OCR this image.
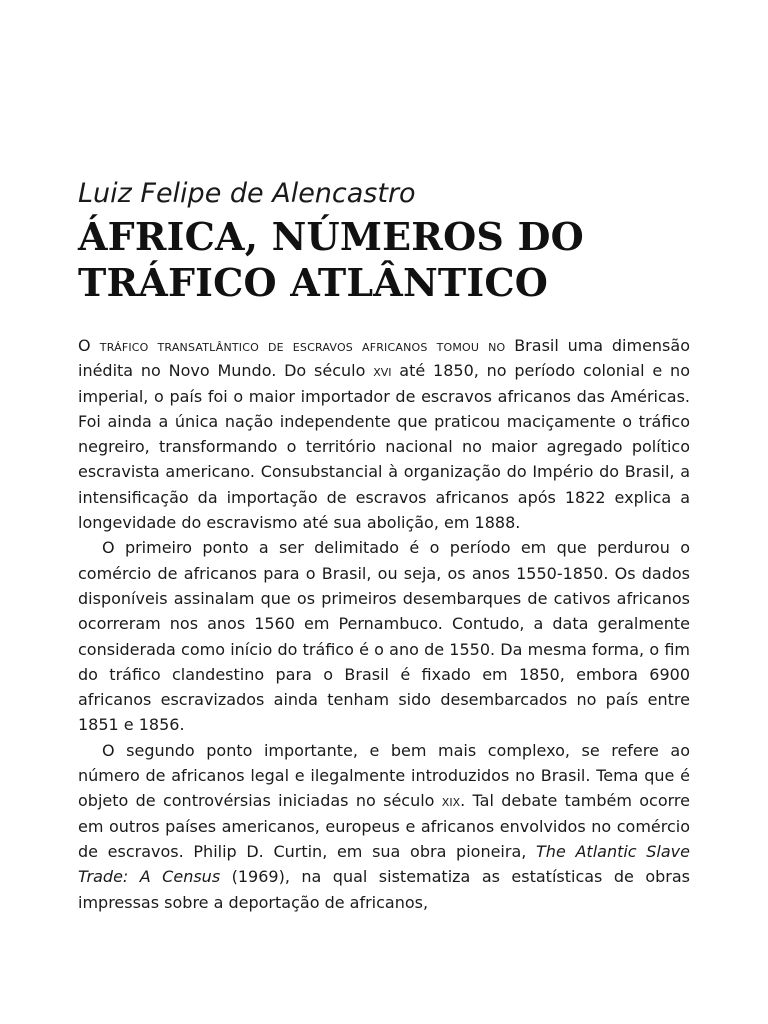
Luiz Felipe de Alencastro
ÁFRICA, NÚMEROS DO
TRÁFICO ATLÂNTICO

O tráfico transatlântico de escravos africanos tomou no Brasil uma dimensão inédita no Novo Mundo. Do século xvi até 1850, no período colonial e no imperial, o país foi o maior importador de escravos africanos das Américas. Foi ainda a única nação independente que praticou maciçamente o tráfico negreiro, transformando o território nacional no maior agregado político escravista americano. Consubstancial à organização do Império do Brasil, a intensificação da importação de escravos africanos após 1822 explica a longevidade do escravismo até sua abolição, em 1888.

O primeiro ponto a ser delimitado é o período em que perdurou o comércio de africanos para o Brasil, ou seja, os anos 1550-1850. Os dados disponíveis assinalam que os primeiros desembarques de cativos africanos ocorreram nos anos 1560 em Pernambuco. Contudo, a data geralmente considerada como início do tráfico é o ano de 1550. Da mesma forma, o fim do tráfico clandestino para o Brasil é fixado em 1850, embora 6900 africanos escravizados ainda tenham sido desembarcados no país entre 1851 e 1856.

O segundo ponto importante, e bem mais complexo, se refere ao número de africanos legal e ilegalmente introduzidos no Brasil. Tema que é objeto de controvérsias iniciadas no século xix. Tal debate também ocorre em outros países americanos, europeus e africanos envolvidos no comércio de escravos. Philip D. Curtin, em sua obra pioneira, The Atlantic Slave Trade: A Census (1969), na qual sistematiza as estatísticas de obras impressas sobre a deportação de africanos,
